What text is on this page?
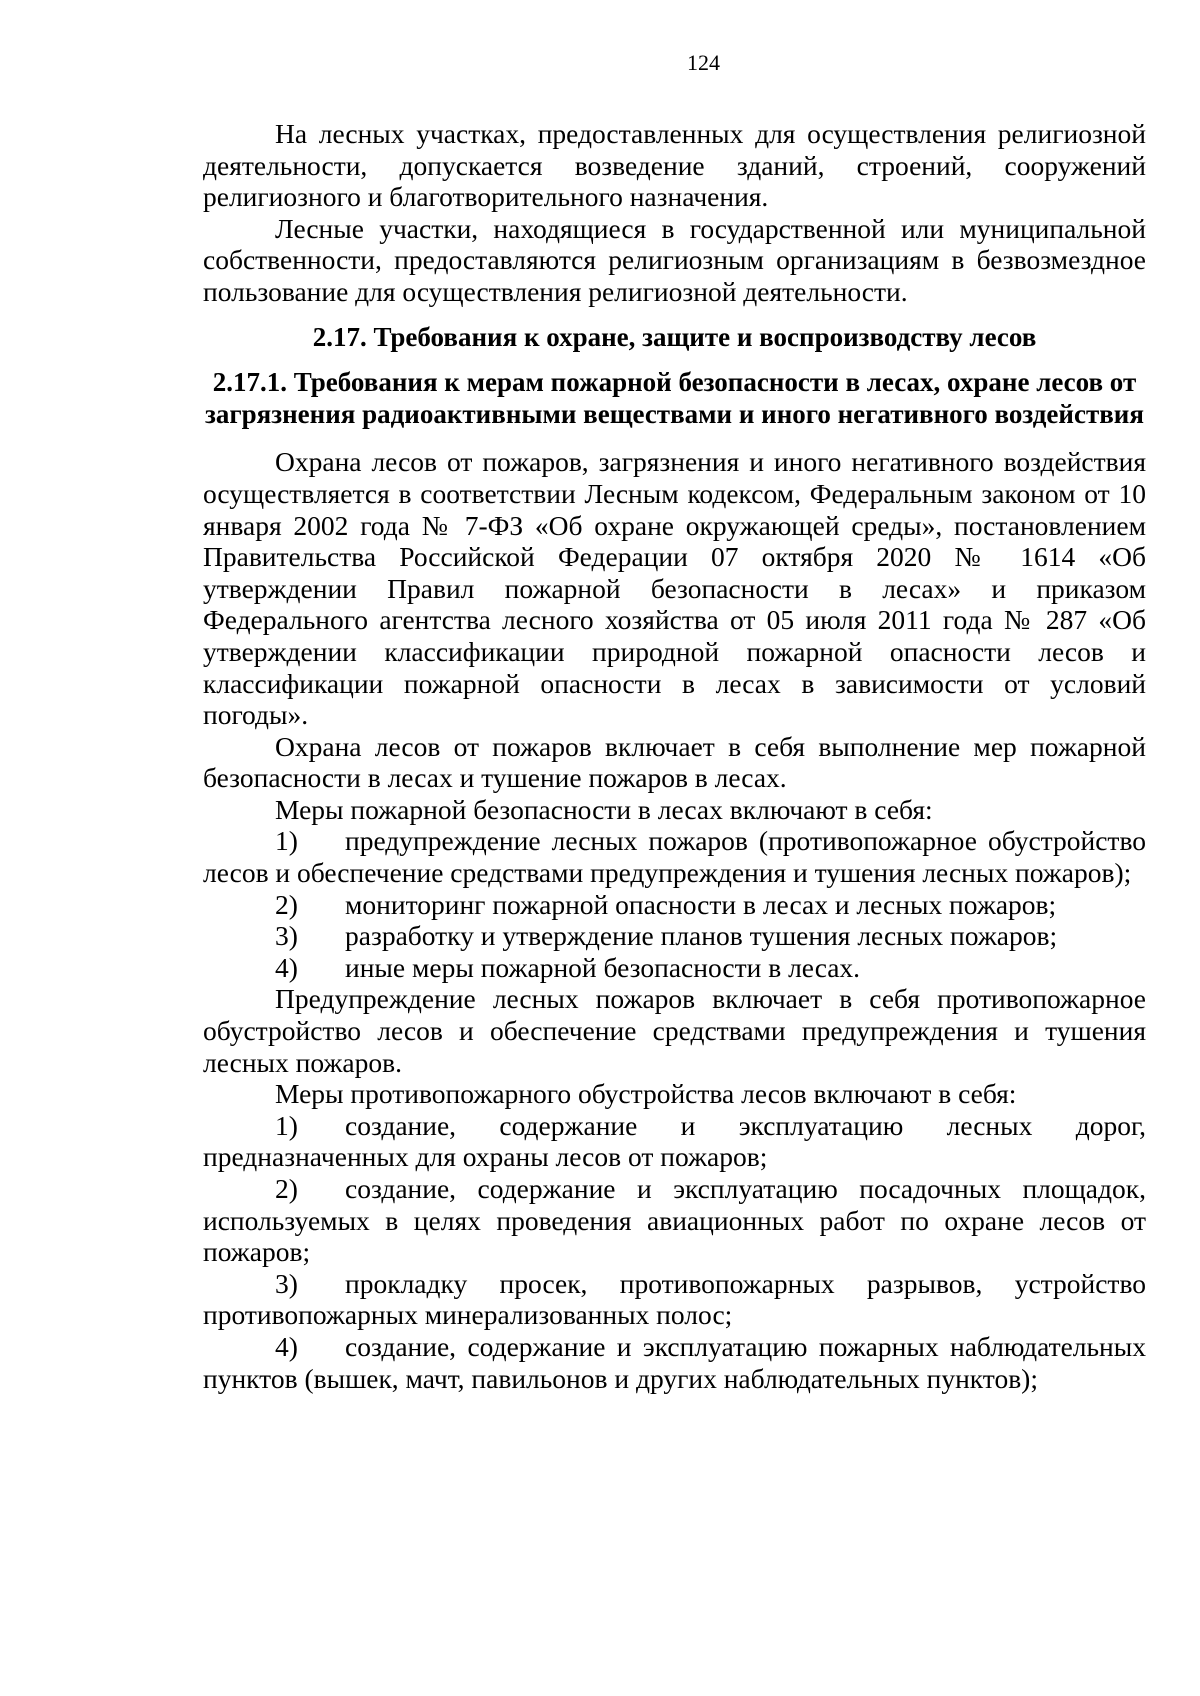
124

На лесных участках, предоставленных для осуществления религиозной деятельности, допускается возведение зданий, строений, сооружений религиозного и благотворительного назначения.

Лесные участки, находящиеся в государственной или муниципальной собственности, предоставляются религиозным организациям в безвозмездное пользование для осуществления религиозной деятельности.

2.17. Требования к охране, защите и воспроизводству лесов
2.17.1. Требования к мерам пожарной безопасности в лесах, охране лесов от загрязнения радиоактивными веществами и иного негативного воздействия

Охрана лесов от пожаров, загрязнения и иного негативного воздействия осуществляется в соответствии Лесным кодексом, Федеральным законом от 10 января 2002 года № 7-ФЗ «Об охране окружающей среды», постановлением Правительства Российской Федерации 07 октября 2020 № 1614 «Об утверждении Правил пожарной безопасности в лесах» и приказом Федерального агентства лесного хозяйства от 05 июля 2011 года № 287 «Об утверждении классификации природной пожарной опасности лесов и классификации пожарной опасности в лесах в зависимости от условий погоды».

Охрана лесов от пожаров включает в себя выполнение мер пожарной безопасности в лесах и тушение пожаров в лесах.

Меры пожарной безопасности в лесах включают в себя:

1) предупреждение лесных пожаров (противопожарное обустройство лесов и обеспечение средствами предупреждения и тушения лесных пожаров);

2) мониторинг пожарной опасности в лесах и лесных пожаров;

3) разработку и утверждение планов тушения лесных пожаров;

4) иные меры пожарной безопасности в лесах.

Предупреждение лесных пожаров включает в себя противопожарное обустройство лесов и обеспечение средствами предупреждения и тушения лесных пожаров.

Меры противопожарного обустройства лесов включают в себя:

1) создание, содержание и эксплуатацию лесных дорог, предназначенных для охраны лесов от пожаров;

2) создание, содержание и эксплуатацию посадочных площадок, используемых в целях проведения авиационных работ по охране лесов от пожаров;

3) прокладку просек, противопожарных разрывов, устройство противопожарных минерализованных полос;

4) создание, содержание и эксплуатацию пожарных наблюдательных пунктов (вышек, мачт, павильонов и других наблюдательных пунктов);
